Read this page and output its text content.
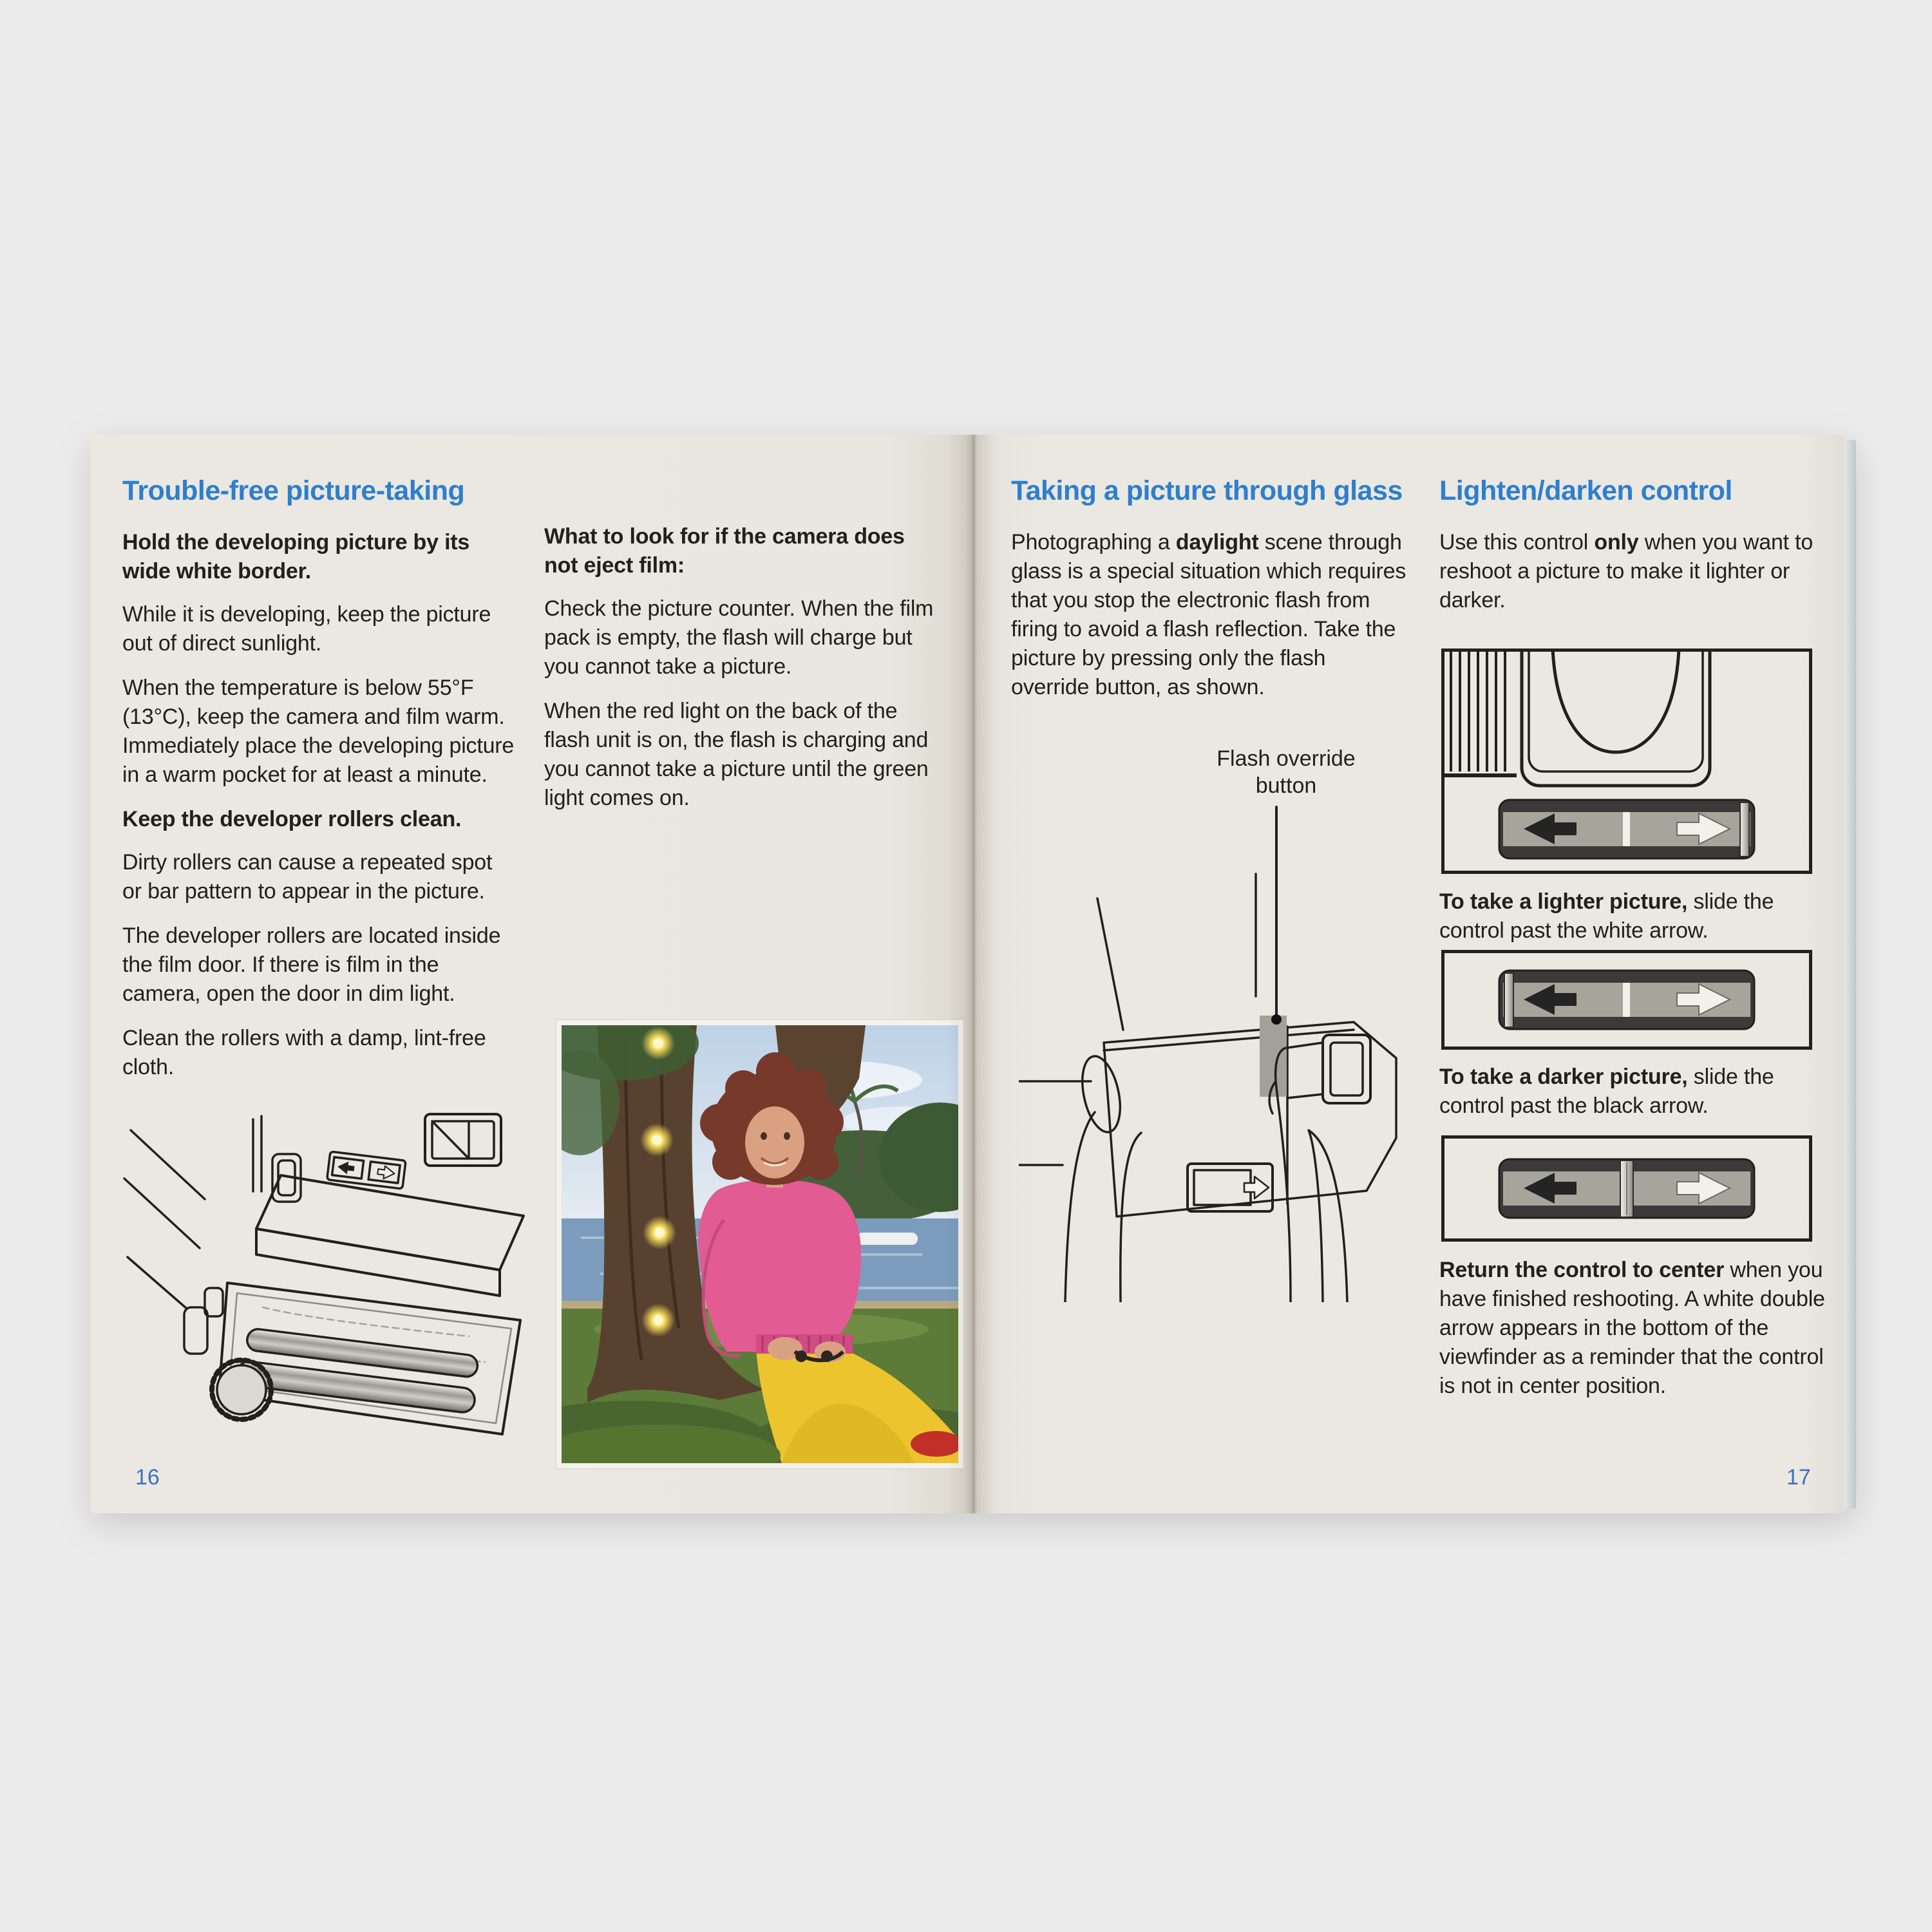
Trouble-free picture-taking

Hold the developing picture by its wide white border.

While it is developing, keep the picture out of direct sunlight.

When the temperature is below 55°F (13°C), keep the camera and film warm. Immediately place the developing picture in a warm pocket for at least a minute.

Keep the developer rollers clean.

Dirty rollers can cause a repeated spot or bar pattern to appear in the picture.

The developer rollers are located inside the film door. If there is film in the camera, open the door in dim light.

Clean the rollers with a damp, lint-free cloth.

What to look for if the camera does not eject film:

Check the picture counter. When the film pack is empty, the flash will charge but you cannot take a picture.

When the red light on the back of the flash unit is on, the flash is charging and you cannot take a picture until the green light comes on.

16
Taking a picture through glass

Photographing a daylight scene through glass is a special situation which requires that you stop the electronic flash from firing to avoid a flash reflection. Take the picture by pressing only the flash override button, as shown.

Flash override
button
Lighten/darken control

Use this control only when you want to reshoot a picture to make it lighter or darker.

To take a lighter picture, slide the control past the white arrow.

To take a darker picture, slide the control past the black arrow.

Return the control to center when you have finished reshooting. A white double arrow appears in the bottom of the viewfinder as a reminder that the control is not in center position.

17
